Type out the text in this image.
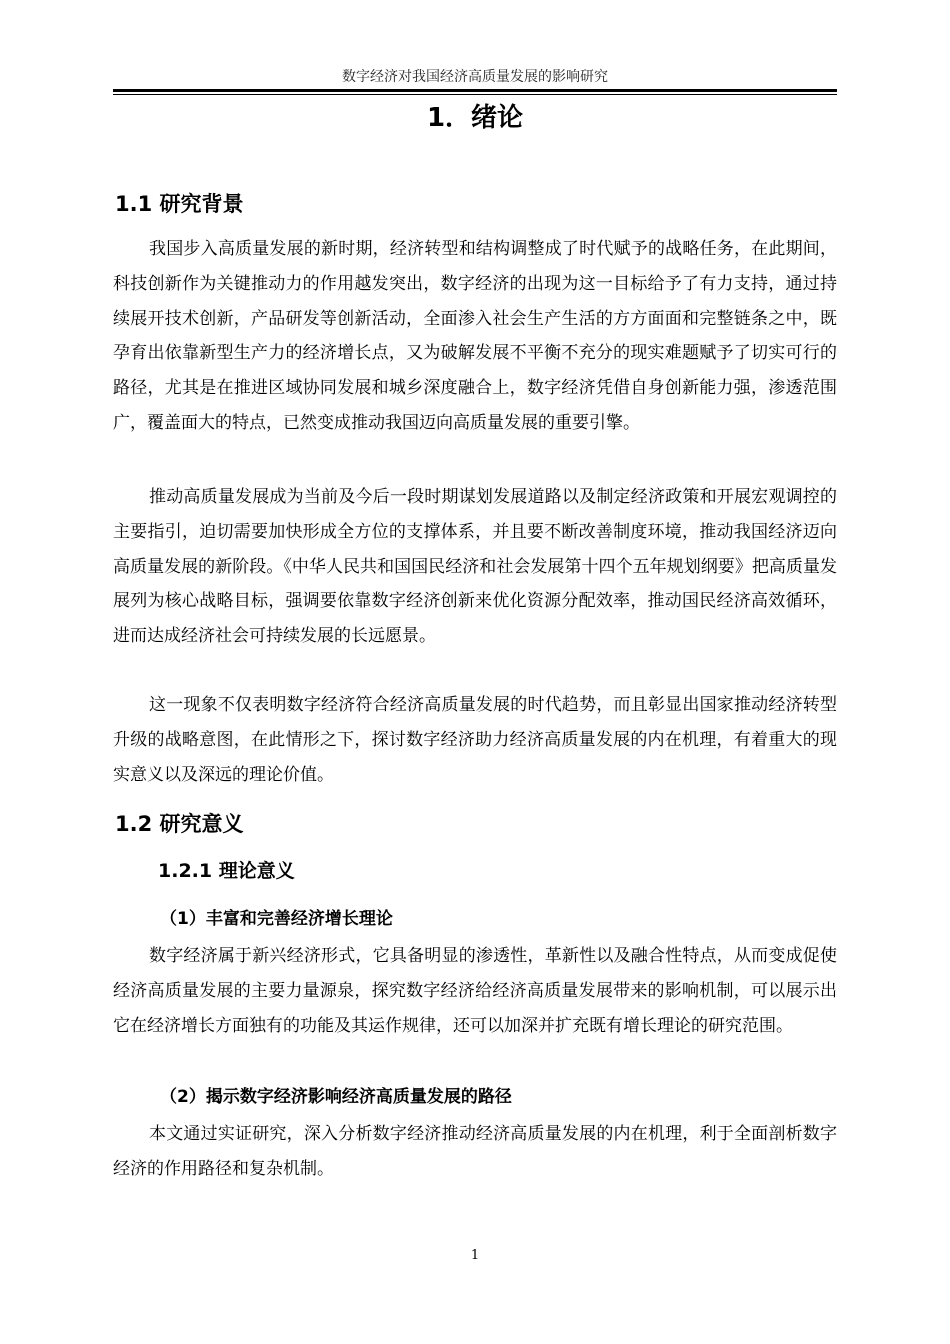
数字经济对我国经济高质量发展的影响研究
1．绪论
1.1 研究背景

我国步入高质量发展的新时期，经济转型和结构调整成了时代赋予的战略任务，在此期间，科技创新作为关键推动力的作用越发突出，数字经济的出现为这一目标给予了有力支持，通过持续展开技术创新，产品研发等创新活动，全面渗入社会生产生活的方方面面和完整链条之中，既孕育出依靠新型生产力的经济增长点，又为破解发展不平衡不充分的现实难题赋予了切实可行的路径，尤其是在推进区域协同发展和城乡深度融合上，数字经济凭借自身创新能力强，渗透范围广，覆盖面大的特点，已然变成推动我国迈向高质量发展的重要引擎。

推动高质量发展成为当前及今后一段时期谋划发展道路以及制定经济政策和开展宏观调控的主要指引，迫切需要加快形成全方位的支撑体系，并且要不断改善制度环境，推动我国经济迈向高质量发展的新阶段。《中华人民共和国国民经济和社会发展第十四个五年规划纲要》把高质量发展列为核心战略目标，强调要依靠数字经济创新来优化资源分配效率，推动国民经济高效循环，进而达成经济社会可持续发展的长远愿景。

这一现象不仅表明数字经济符合经济高质量发展的时代趋势，而且彰显出国家推动经济转型升级的战略意图，在此情形之下，探讨数字经济助力经济高质量发展的内在机理，有着重大的现实意义以及深远的理论价值。

1.2 研究意义
1.2.1 理论意义
（1）丰富和完善经济增长理论

数字经济属于新兴经济形式，它具备明显的渗透性，革新性以及融合性特点，从而变成促使经济高质量发展的主要力量源泉，探究数字经济给经济高质量发展带来的影响机制，可以展示出它在经济增长方面独有的功能及其运作规律，还可以加深并扩充既有增长理论的研究范围。

（2）揭示数字经济影响经济高质量发展的路径

本文通过实证研究，深入分析数字经济推动经济高质量发展的内在机理，利于全面剖析数字经济的作用路径和复杂机制。

1
